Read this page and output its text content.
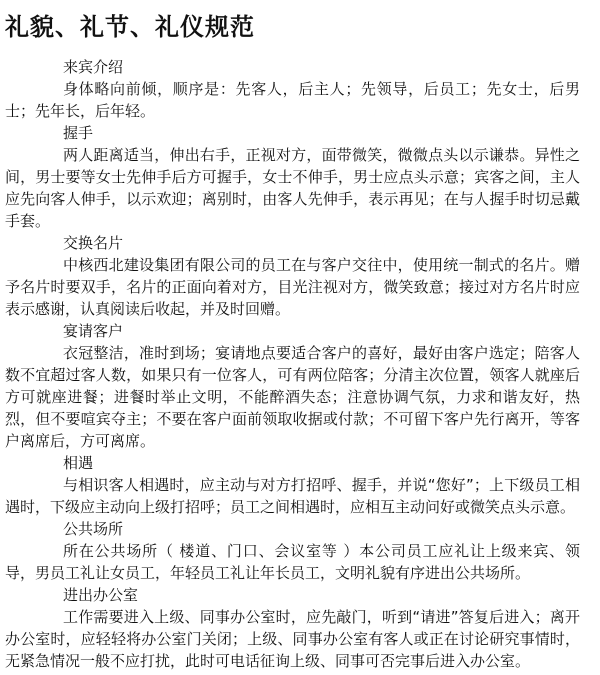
礼貌、礼节、礼仪规范

来宾介绍

身体略向前倾，顺序是：先客人，后主人；先领导，后员工；先女士，后男士；先年长，后年轻。

握手

两人距离适当，伸出右手，正视对方，面带微笑，微微点头以示谦恭。异性之间，男士要等女士先伸手后方可握手，女士不伸手，男士应点头示意；宾客之间，主人应先向客人伸手，以示欢迎；离别时，由客人先伸手，表示再见；在与人握手时切忌戴手套。

交换名片

中核西北建设集团有限公司的员工在与客户交往中，使用统一制式的名片。赠予名片时要双手，名片的正面向着对方，目光注视对方，微笑致意；接过对方名片时应表示感谢，认真阅读后收起，并及时回赠。

宴请客户

衣冠整洁，准时到场；宴请地点要适合客户的喜好，最好由客户选定；陪客人数不宜超过客人数，如果只有一位客人，可有两位陪客；分清主次位置，领客人就座后方可就座进餐；进餐时举止文明，不能醉酒失态；注意协调气氛，力求和谐友好，热烈，但不要喧宾夺主；不要在客户面前领取收据或付款；不可留下客户先行离开，等客户离席后，方可离席。

相遇

与相识客人相遇时，应主动与对方打招呼、握手，并说“您好”；上下级员工相遇时，下级应主动向上级打招呼；员工之间相遇时，应相互主动问好或微笑点头示意。

公共场所

所在公共场所（ 楼道、门口、会议室等 ）本公司员工应礼让上级来宾、领导，男员工礼让女员工，年轻员工礼让年长员工，文明礼貌有序进出公共场所。

进出办公室

工作需要进入上级、同事办公室时，应先敲门，听到“请进”答复后进入；离开办公室时，应轻轻将办公室门关闭；上级、同事办公室有客人或正在讨论研究事情时，无紧急情况一般不应打扰，此时可电话征询上级、同事可否完事后进入办公室。
